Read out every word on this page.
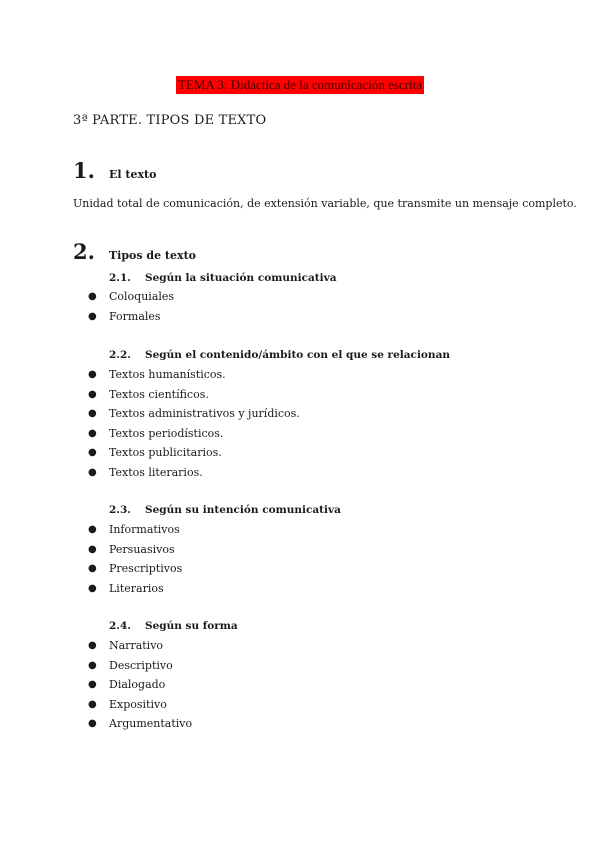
TEMA 3: Didáctica de la comunicación escrita
3ª PARTE. TIPOS DE TEXTO
1.	El texto
Unidad total de comunicación, de extensión variable, que transmite un mensaje completo.
2.	Tipos de texto
2.1.	Según la situación comunicativa
●	Coloquiales
●	Formales
2.2.	Según el contenido/ámbito con el que se relacionan
●	Textos humanísticos.
●	Textos científicos.
●	Textos administrativos y jurídicos.
●	Textos periodísticos.
●	Textos publicitarios.
●	Textos literarios.
2.3.	Según su intención comunicativa
●	Informativos
●	Persuasivos
●	Prescriptivos
●	Literarios
2.4.	Según su forma
●	Narrativo
●	Descriptivo
●	Dialogado
●	Expositivo
●	Argumentativo
